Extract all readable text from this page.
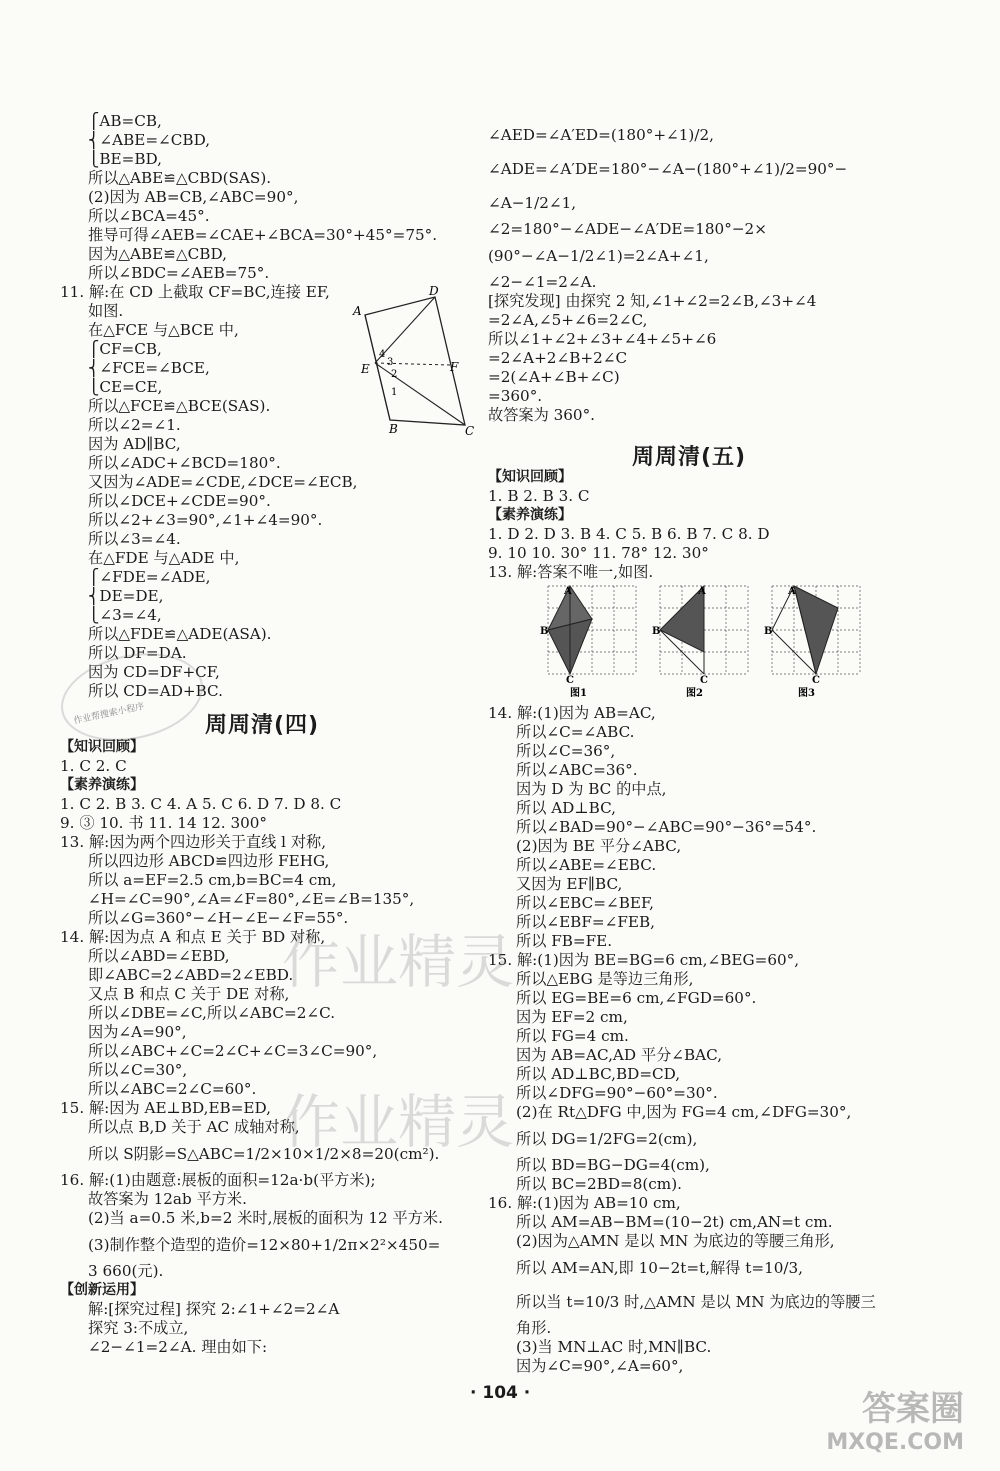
⎧AB=CB,
⎨∠ABE=∠CBD,
⎩BE=BD,
所以△ABE≌△CBD(SAS).
(2)因为 AB=CB,∠ABC=90°,
所以∠BCA=45°.
推导可得∠AEB=∠CAE+∠BCA=30°+45°=75°.
因为△ABE≌△CBD,
所以∠BDC=∠AEB=75°.
11. 解:在 CD 上截取 CF=BC,连接 EF,
如图.
在△FCE 与△BCE 中,
⎧CF=CB,
⎨∠FCE=∠BCE,
⎩CE=CE,
所以△FCE≌△BCE(SAS).
所以∠2=∠1.
因为 AD∥BC,
所以∠ADC+∠BCD=180°.
又因为∠ADE=∠CDE,∠DCE=∠ECB,
所以∠DCE+∠CDE=90°.
所以∠2+∠3=90°,∠1+∠4=90°.
所以∠3=∠4.
在△FDE 与△ADE 中,
⎧∠FDE=∠ADE,
⎨DE=DE,
⎩∠3=∠4,
所以△FDE≌△ADE(ASA).
所以 DF=DA.
因为 CD=DF+CF,
所以 CD=AD+BC.
A
D
4
3
2
E	F
1
C
B
作业帮搜索小程序	周周清(四)
【知识回顾】
1. C 2. C
【素养演练】
1. C 2. B 3. C 4. A 5. C 6. D 7. D 8. C
9. ③ 10. 书 11. 14 12. 300°
13. 解:因为两个四边形关于直线 l 对称,
所以四边形 ABCD≌四边形 FEHG,
所以 a=EF=2.5 cm,b=BC=4 cm,
∠H=∠C=90°,∠A=∠F=80°,∠E=∠B=135°,
所以∠G=360°−∠H−∠E−∠F=55°.
14. 解:因为点 A 和点 E 关于 BD 对称,
所以∠ABD=∠EBD,
即∠ABC=2∠ABD=2∠EBD.
又点 B 和点 C 关于 DE 对称,
所以∠DBE=∠C,所以∠ABC=2∠C.
因为∠A=90°,
所以∠ABC+∠C=2∠C+∠C=3∠C=90°,
所以∠C=30°,
所以∠ABC=2∠C=60°.
15. 解:因为 AE⊥BD,EB=ED,
所以点 B,D 关于 AC 成轴对称,
所以 S阴影=S△ABC=1/2×10×1/2×8=20(cm²).
16. 解:(1)由题意:展板的面积=12a·b(平方米);
故答案为 12ab 平方米.
(2)当 a=0.5 米,b=2 米时,展板的面积为 12 平方米.
(3)制作整个造型的造价=12×80+1/2π×2²×450=
3 660(元).
【创新运用】
解:[探究过程] 探究 2:∠1+∠2=2∠A
探究 3:不成立,
∠2−∠1=2∠A. 理由如下:
∠AED=∠A′ED=(180°+∠1)/2,
∠ADE=∠A′DE=180°−∠A−(180°+∠1)/2=90°−
∠A−1/2∠1,
∠2=180°−∠ADE−∠A′DE=180°−2×
(90°−∠A−1/2∠1)=2∠A+∠1,
∠2−∠1=2∠A.
[探究发现] 由探究 2 知,∠1+∠2=2∠B,∠3+∠4
=2∠A,∠5+∠6=2∠C,
所以∠1+∠2+∠3+∠4+∠5+∠6
=2∠A+2∠B+2∠C
=2(∠A+∠B+∠C)
=360°.
故答案为 360°.
周周清(五)
【知识回顾】
1. B 2. B 3. C
【素养演练】
1. D 2. D 3. B 4. C 5. B 6. B 7. C 8. D
9. 10 10. 30° 11. 78° 12. 30°
13. 解:答案不唯一,如图.
A
B
C
图1
A
B
C
图2
A
B
C
图3
14. 解:(1)因为 AB=AC,
所以∠C=∠ABC.
所以∠C=36°,
所以∠ABC=36°.
因为 D 为 BC 的中点,
所以 AD⊥BC,
所以∠BAD=90°−∠ABC=90°−36°=54°.
(2)因为 BE 平分∠ABC,
所以∠ABE=∠EBC.
又因为 EF∥BC,
所以∠EBC=∠BEF,
所以∠EBF=∠FEB,
所以 FB=FE.
15. 解:(1)因为 BE=BG=6 cm,∠BEG=60°,
所以△EBG 是等边三角形,
所以 EG=BE=6 cm,∠FGD=60°.
因为 EF=2 cm,
所以 FG=4 cm.
因为 AB=AC,AD 平分∠BAC,
所以 AD⊥BC,BD=CD,
所以∠DFG=90°−60°=30°.
(2)在 Rt△DFG 中,因为 FG=4 cm,∠DFG=30°,
所以 DG=1/2FG=2(cm),
所以 BD=BG−DG=4(cm),
所以 BC=2BD=8(cm).
16. 解:(1)因为 AB=10 cm,
所以 AM=AB−BM=(10−2t) cm,AN=t cm.
(2)因为△AMN 是以 MN 为底边的等腰三角形,
所以 AM=AN,即 10−2t=t,解得 t=10/3,
所以当 t=10/3 时,△AMN 是以 MN 为底边的等腰三
角形.
(3)当 MN⊥AC 时,MN∥BC.
因为∠C=90°,∠A=60°,
作业精灵
作业精灵
· 104 ·	答案圈
MXQE.COM
